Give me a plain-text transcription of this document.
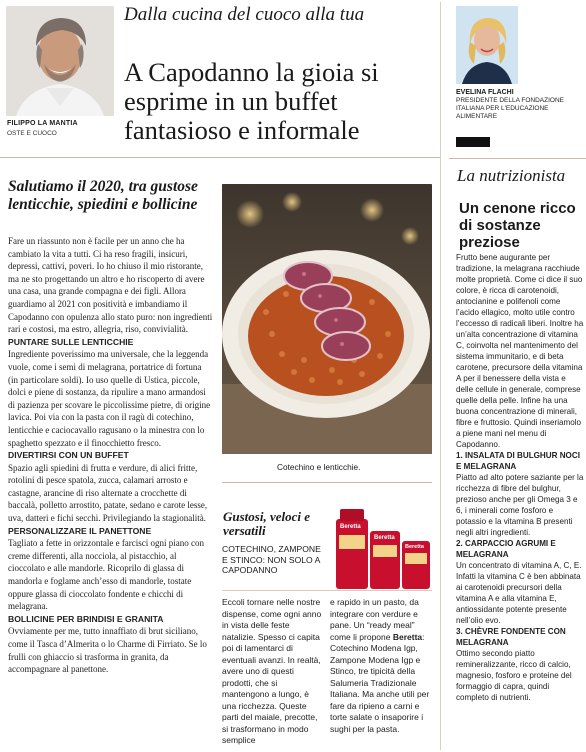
FILIPPO LA MANTIA
OSTE E CUOCO
Dalla cucina del cuoco alla tua
A Capodanno la gioia si esprime in un buffet fantasioso e informale
EVELINA FLACHI
PRESIDENTE DELLA FONDAZIONE ITALIANA PER L'EDUCAZIONE ALIMENTARE
La nutrizionista
Un cenone ricco di sostanze preziose

Frutto bene augurante per tradizione, la melagrana racchiude molte proprietà. Come ci dice il suo colore, è ricca di carotenoidi, antocianine e polifenoli come l’acido ellagico, molto utile contro l’eccesso di radicali liberi. Inoltre ha un’alta concentrazione di vitamina C, coinvolta nel mantenimento del sistema immunitario, e di beta carotene, precursore della vitamina A per il benessere della vista e delle cellule in generale, comprese quelle della pelle. Infine ha una buona concentrazione di minerali, fibre e fruttosio. Quindi inseriamolo a piene mani nel menu di Capodanno.

1. INSALATA DI BULGHUR NOCI E MELAGRANA

Piatto ad alto potere saziante per la ricchezza di fibre del bulghur, prezioso anche per gli Omega 3 e 6, i minerali come fosforo e potassio e la vitamina B presenti negli altri ingredienti.

2. CARPACCIO AGRUMI E MELAGRANA

Un concentrato di vitamina A, C, E. Infatti la vitamina C è ben abbinata ai carotenoidi precursori della vitamina A e alla vitamina E, antiossidante potente presente nell’olio evo.

3. CHÈVRE FONDENTE CON MELAGRANA

Ottimo secondo piatto remineralizzante, ricco di calcio, magnesio, fosforo e proteine del formaggio di capra, quindi completo di nutrienti.

Salutiamo il 2020, tra gustose lenticchie, spiedini e bollicine

Fare un riassunto non è facile per un anno che ha cambiato la vita a tutti. Ci ha reso fragili, insicuri, depressi, cattivi, poveri. Io ho chiuso il mio ristorante, ma ne sto progettando un altro e ho riscoperto di avere una casa, una grande compagna e dei figli. Allora guardiamo al 2021 con positività e imbandiamo il Capodanno con opulenza allo stato puro: non ingredienti rari e costosi, ma estro, allegria, riso, convivialità.

PUNTARE SULLE LENTICCHIE

Ingrediente poverissimo ma universale, che la leggenda vuole, come i semi di melagrana, portatrice di fortuna (in particolare soldi). Io uso quelle di Ustica, piccole, dolci e piene di sostanza, da ripulire a mano armandosi di pazienza per scovare le piccolissime pietre, di origine lavica. Poi via con la pasta con il ragù di cotechino, lenticchie e caciocavallo ragusano o la minestra con lo spaghetto spezzato e il finocchietto fresco.

DIVERTIRSI CON UN BUFFET

Spazio agli spiedini di frutta e verdure, di alici fritte, rotolini di pesce spatola, zucca, calamari arrosto e castagne, arancine di riso alternate a crocchette di baccalà, polletto arrostito, patate, sedano e carote lesse, uva, datteri e fichi secchi. Privilegiando la stagionalità.

PERSONALIZZARE IL PANETTONE

Tagliato a fette in orizzontale e farcisci ogni piano con creme differenti, alla nocciola, al pistacchio, al cioccolato e alle mandorle. Ricoprilo di glassa di mandorla e foglame anch’esso di mandorle, tostate oppure glassa di cioccolato fondente e chicchi di melagrana.

BOLLICINE PER BRINDISI E GRANITA

Ovviamente per me, tutto innaffiato di brut siciliano, come il Tasca d’Almerita o lo Charme di Firriato. Se lo frulli con ghiaccio si trasforma in granita, da accompagnare al panettone.

Cotechino e lenticchie.
Gustosi, veloci e versatili
COTECHINO, ZAMPONE E STINCO: NON SOLO A CAPODANNO
Beretta
Beretta
Beretta
Eccoli tornare nelle nostre dispense, come ogni anno in vista delle feste natalizie. Spesso ci capita poi di lamentarci di eventuali avanzi. In realtà, avere uno di questi prodotti, che si mantengono a lungo, è una ricchezza. Queste parti del maiale, precotte, si trasformano in modo semplice
e rapido in un pasto, da integrare con verdure e pane. Un “ready meal” come li propone Beretta: Cotechino Modena Igp, Zampone Modena Igp e Stinco, tre tipicità della Salumeria Tradizionale Italiana. Ma anche utili per fare da ripieno a carni e torte salate o insaporire i sughi per la pasta.
